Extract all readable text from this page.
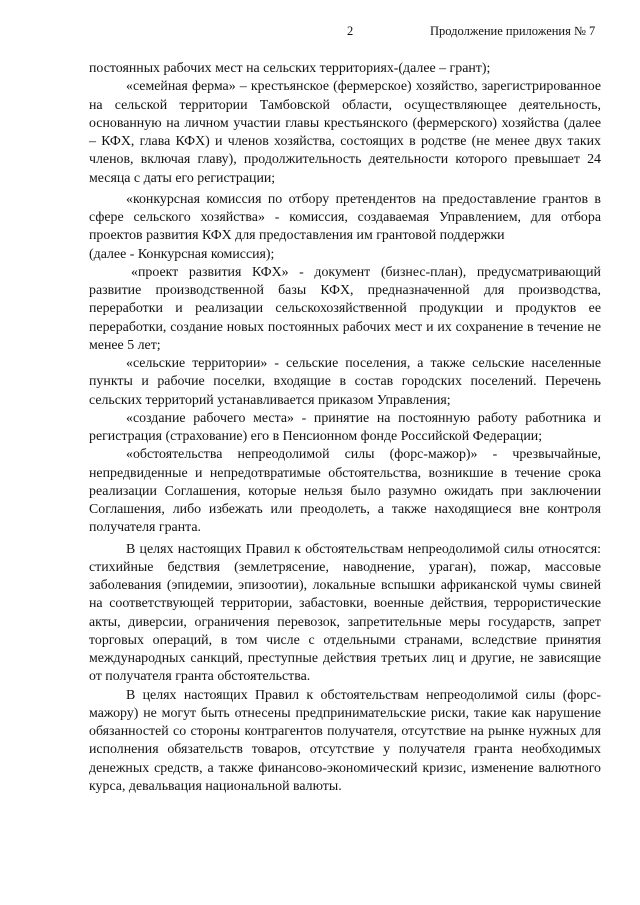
2	Продолжение приложения № 7

постоянных рабочих мест на сельских территориях-(далее – грант);

«семейная ферма» – крестьянское (фермерское) хозяйство, зарегистрированное на сельской территории Тамбовской области, осуществляющее деятельность, основанную на личном участии главы крестьянского (фермерского) хозяйства (далее – КФХ, глава КФХ) и членов хозяйства, состоящих в родстве (не менее двух таких членов, включая главу), продолжительность деятельности которого превышает 24 месяца с даты его регистрации;

«конкурсная комиссия по отбору претендентов на предоставление грантов в сфере сельского хозяйства» - комиссия, создаваемая Управлением, для отбора проектов развития КФХ для предоставления им грантовой поддержки

(далее - Конкурсная комиссия);

«проект развития КФХ» - документ (бизнес-план), предусматривающий развитие производственной базы КФХ, предназначенной для производства, переработки и реализации сельскохозяйственной продукции и продуктов ее переработки, создание новых постоянных рабочих мест и их сохранение в течение не менее 5 лет;

«сельские территории» - сельские поселения, а также сельские населенные пункты и рабочие поселки, входящие в состав городских поселений. Перечень сельских территорий устанавливается приказом Управления;

«создание рабочего места» - принятие на постоянную работу работника и регистрация (страхование) его в Пенсионном фонде Российской Федерации;

«обстоятельства непреодолимой силы (форс-мажор)» - чрезвычайные, непредвиденные и непредотвратимые обстоятельства, возникшие в течение срока реализации Соглашения, которые нельзя было разумно ожидать при заключении Соглашения, либо избежать или преодолеть, а также находящиеся вне контроля получателя гранта.

В целях настоящих Правил к обстоятельствам непреодолимой силы относятся: стихийные бедствия (землетрясение, наводнение, ураган), пожар, массовые заболевания (эпидемии, эпизоотии), локальные вспышки африканской чумы свиней на соответствующей территории, забастовки, военные действия, террористические акты, диверсии, ограничения перевозок, запретительные меры государств, запрет торговых операций, в том числе с отдельными странами, вследствие принятия международных санкций, преступные действия третьих лиц и другие, не зависящие от получателя гранта обстоятельства.

В целях настоящих Правил к обстоятельствам непреодолимой силы (форс-мажору) не могут быть отнесены предпринимательские риски, такие как нарушение обязанностей со стороны контрагентов получателя, отсутствие на рынке нужных для исполнения обязательств товаров, отсутствие у получателя гранта необходимых денежных средств, а также финансово-экономический кризис, изменение валютного курса, девальвация национальной валюты.
